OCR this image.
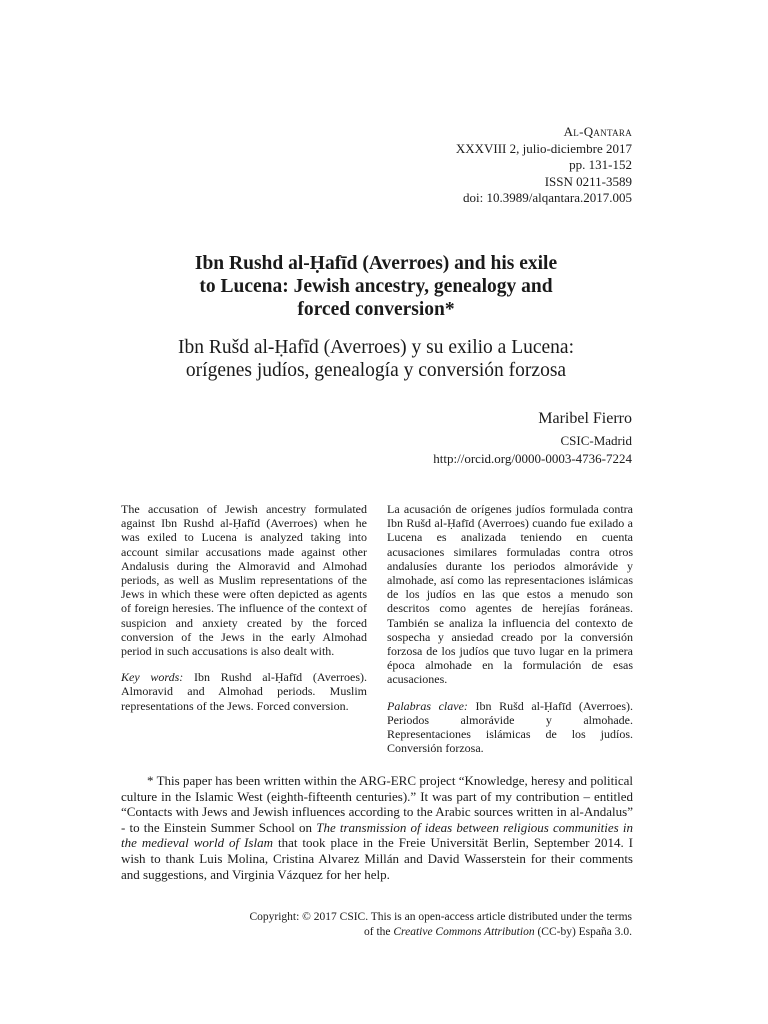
Al-Qantara
XXXVIII 2, julio-diciembre 2017
pp. 131-152
ISSN 0211-3589
doi: 10.3989/alqantara.2017.005
Ibn Rushd al-Ḥafīd (Averroes) and his exile
to Lucena: Jewish ancestry, genealogy and
forced conversion*
Ibn Rušd al-Ḥafīd (Averroes) y su exilio a Lucena:
orígenes judíos, genealogía y conversión forzosa
Maribel Fierro
CSIC-Madrid
http://orcid.org/0000-0003-4736-7224

The accusation of Jewish ancestry formulated against Ibn Rushd al-Ḥafīd (Averroes) when he was exiled to Lucena is analyzed taking into account similar accusations made against other Andalusis during the Almoravid and Almohad periods, as well as Muslim representations of the Jews in which these were often depicted as agents of foreign heresies. The influence of the context of suspicion and anxiety created by the forced conversion of the Jews in the early Almohad period in such accusations is also dealt with.

Key words: Ibn Rushd al-Ḥafīd (Averroes). Almoravid and Almohad periods. Muslim representations of the Jews. Forced conversion.

La acusación de orígenes judíos formulada contra Ibn Rušd al-Ḥafīd (Averroes) cuando fue exilado a Lucena es analizada teniendo en cuenta acusaciones similares formuladas contra otros andalusíes durante los periodos almorávide y almohade, así como las representaciones islámicas de los judíos en las que estos a menudo son descritos como agentes de herejías foráneas. También se analiza la influencia del contexto de sospecha y ansiedad creado por la conversión forzosa de los judíos que tuvo lugar en la primera época almohade en la formulación de esas acusaciones.

Palabras clave: Ibn Rušd al-Ḥafīd (Averroes). Periodos almorávide y almohade. Representaciones islámicas de los judíos. Conversión forzosa.

* This paper has been written within the ARG-ERC project “Knowledge, heresy and political culture in the Islamic West (eighth-fifteenth centuries).” It was part of my contribution – entitled “Contacts with Jews and Jewish influences according to the Arabic sources written in al-Andalus” - to the Einstein Summer School on The transmission of ideas between religious communities in the medieval world of Islam that took place in the Freie Universität Berlin, September 2014. I wish to thank Luis Molina, Cristina Alvarez Millán and David Wasserstein for their comments and suggestions, and Virginia Vázquez for her help.

Copyright: © 2017 CSIC. This is an open-access article distributed under the terms
of the Creative Commons Attribution (CC-by) España 3.0.
